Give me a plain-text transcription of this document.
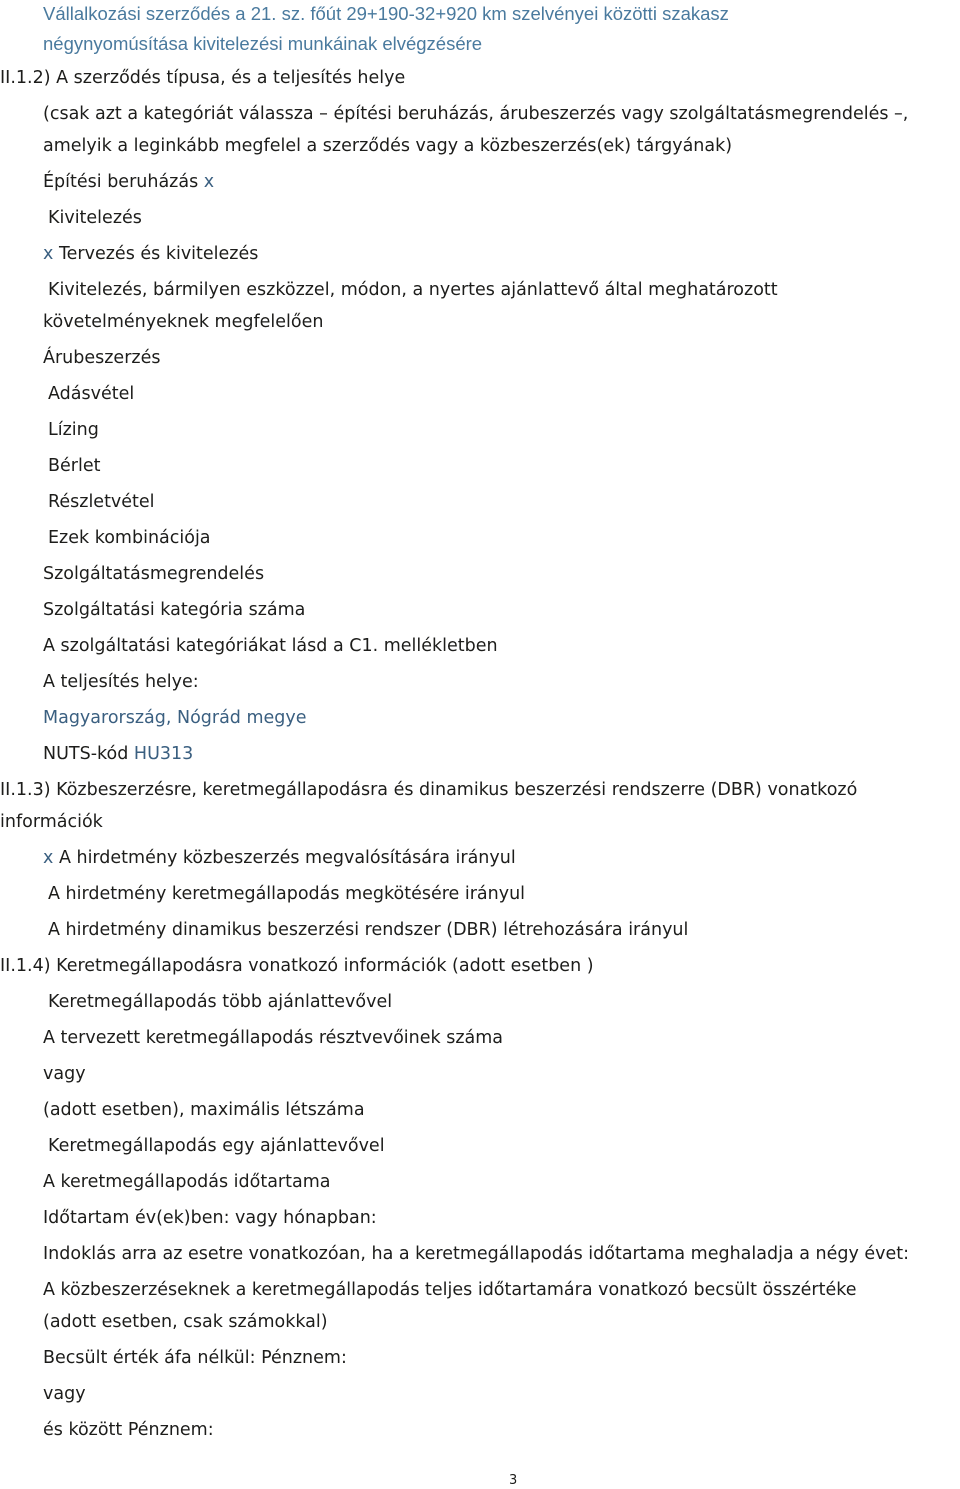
Vállalkozási szerződés a 21. sz. főút 29+190-32+920 km szelvényei közötti szakasz
négynyomúsítása kivitelezési munkáinak elvégzésére
II.1.2) A szerződés típusa, és a teljesítés helye
(csak azt a kategóriát válassza – építési beruházás, árubeszerzés vagy szolgáltatásmegrendelés –,
amelyik a leginkább megfelel a szerződés vagy a közbeszerzés(ek) tárgyának)
Építési beruházás x
Kivitelezés
x Tervezés és kivitelezés
Kivitelezés, bármilyen eszközzel, módon, a nyertes ajánlattevő által meghatározott
követelményeknek megfelelően
Árubeszerzés
Adásvétel
Lízing
Bérlet
Részletvétel
Ezek kombinációja
Szolgáltatásmegrendelés
Szolgáltatási kategória száma
A szolgáltatási kategóriákat lásd a C1. mellékletben
A teljesítés helye:
Magyarország, Nógrád megye
NUTS-kód HU313
II.1.3) Közbeszerzésre, keretmegállapodásra és dinamikus beszerzési rendszerre (DBR) vonatkozó
információk
x A hirdetmény közbeszerzés megvalósítására irányul
A hirdetmény keretmegállapodás megkötésére irányul
A hirdetmény dinamikus beszerzési rendszer (DBR) létrehozására irányul
II.1.4) Keretmegállapodásra vonatkozó információk (adott esetben )
Keretmegállapodás több ajánlattevővel
A tervezett keretmegállapodás résztvevőinek száma
vagy
(adott esetben), maximális létszáma
Keretmegállapodás egy ajánlattevővel
A keretmegállapodás időtartama
Időtartam év(ek)ben: vagy hónapban:
Indoklás arra az esetre vonatkozóan, ha a keretmegállapodás időtartama meghaladja a négy évet:
A közbeszerzéseknek a keretmegállapodás teljes időtartamára vonatkozó becsült összértéke
(adott esetben, csak számokkal)
Becsült érték áfa nélkül: Pénznem:
vagy
és között Pénznem:
3
